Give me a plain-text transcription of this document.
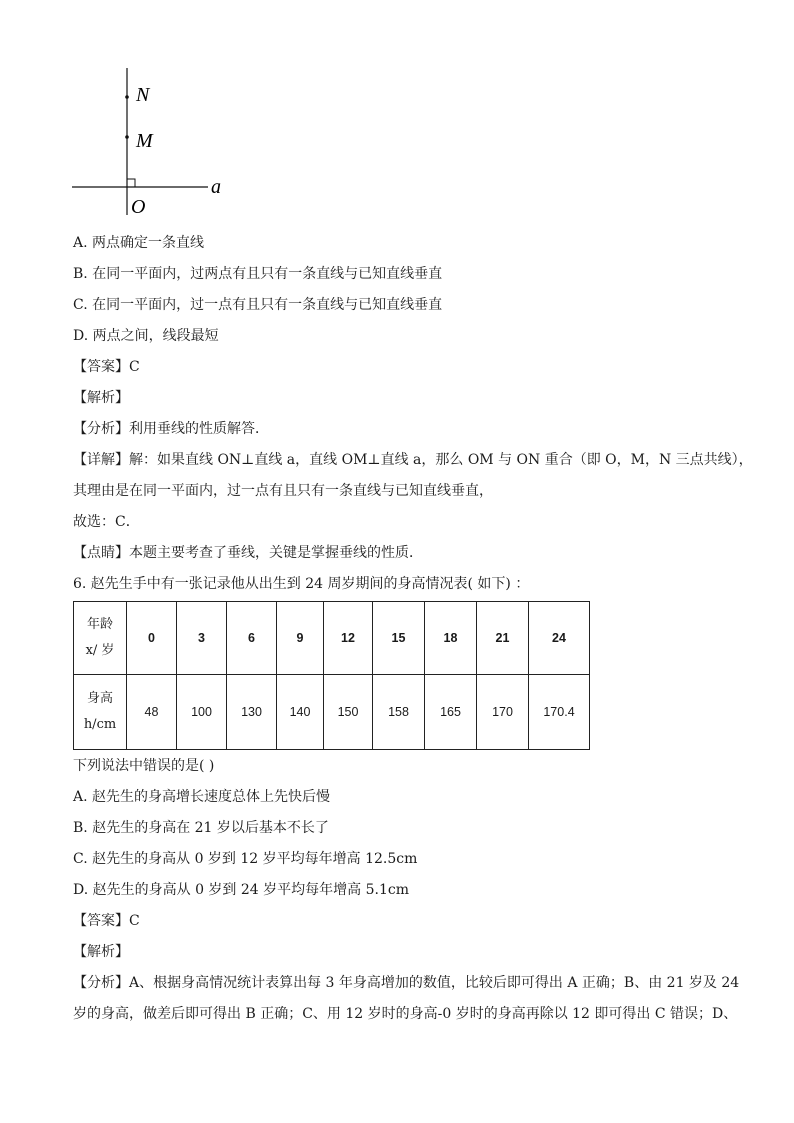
N
M
a
O
A. 两点确定一条直线
B. 在同一平面内，过两点有且只有一条直线与已知直线垂直
C. 在同一平面内，过一点有且只有一条直线与已知直线垂直
D. 两点之间，线段最短
【答案】C
【解析】
【分析】利用垂线的性质解答．
【详解】解：如果直线 ON⊥直线 a，直线 OM⊥直线 a，那么 OM 与 ON 重合（即 O，M，N 三点共线），
其理由是在同一平面内，过一点有且只有一条直线与已知直线垂直，
故选：C．
【点睛】本题主要考查了垂线，关键是掌握垂线的性质．
6. 赵先生手中有一张记录他从出生到 24 周岁期间的身高情况表( 如下) ：
年龄
x/ 岁	0	3	6	9	12	15	18	21	24

身高
h/cm	48	100	130	140	150	158	165	170	170.4
下列说法中错误的是( )
A. 赵先生的身高增长速度总体上先快后慢
B. 赵先生的身高在 21 岁以后基本不长了
C. 赵先生的身高从 0 岁到 12 岁平均每年增高 12.5cm
D. 赵先生的身高从 0 岁到 24 岁平均每年增高 5.1cm
【答案】C
【解析】
【分析】A、根据身高情况统计表算出每 3 年身高增加的数值，比较后即可得出 A 正确；B、由 21 岁及 24
岁的身高，做差后即可得出 B 正确；C、用 12 岁时的身高-0 岁时的身高再除以 12 即可得出 C 错误；D、
